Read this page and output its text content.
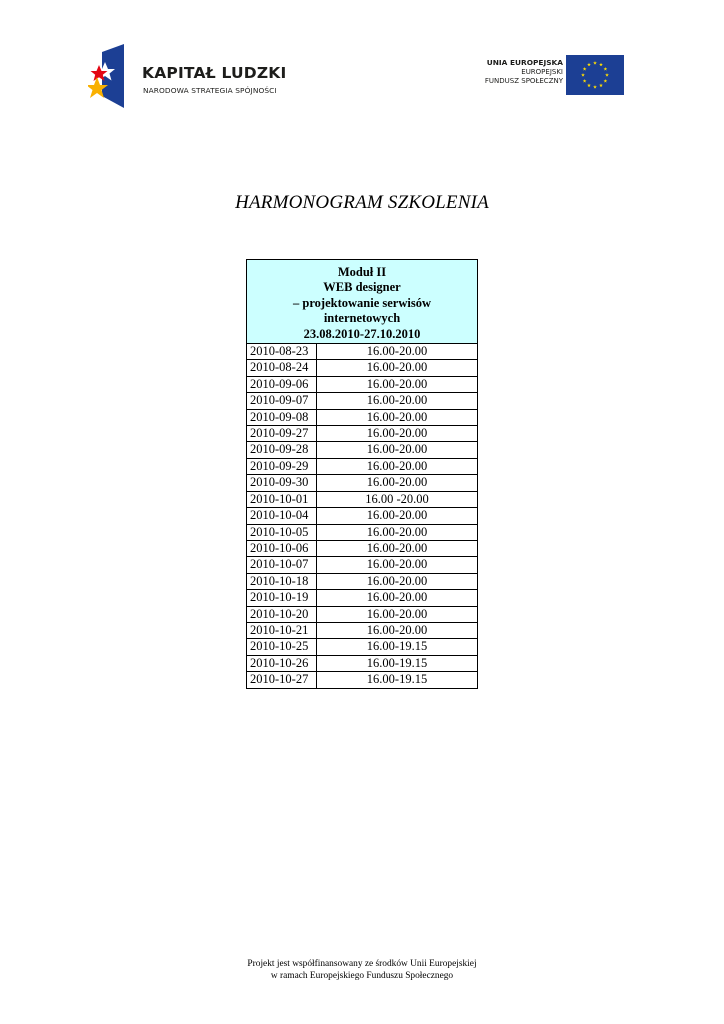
KAPITAŁ LUDZKI

NARODOWA STRATEGIA SPÓJNOŚCI

UNIA EUROPEJSKA
EUROPEJSKI
FUNDUSZ SPOŁECZNY
HARMONOGRAM SZKOLENIA
Moduł II
WEB designer
– projektowanie serwisów
internetowych
23.08.2010-27.10.2010	

2010-08-23	16.00-20.00
2010-08-24	16.00-20.00
2010-09-06	16.00-20.00
2010-09-07	16.00-20.00
2010-09-08	16.00-20.00
2010-09-27	16.00-20.00
2010-09-28	16.00-20.00
2010-09-29	16.00-20.00
2010-09-30	16.00-20.00
2010-10-01	16.00 -20.00
2010-10-04	16.00-20.00
2010-10-05	16.00-20.00
2010-10-06	16.00-20.00
2010-10-07	16.00-20.00
2010-10-18	16.00-20.00
2010-10-19	16.00-20.00
2010-10-20	16.00-20.00
2010-10-21	16.00-20.00
2010-10-25	16.00-19.15
2010-10-26	16.00-19.15
2010-10-27	16.00-19.15
Projekt jest współfinansowany ze środków Unii Europejskiej
w ramach Europejskiego Funduszu Społecznego
